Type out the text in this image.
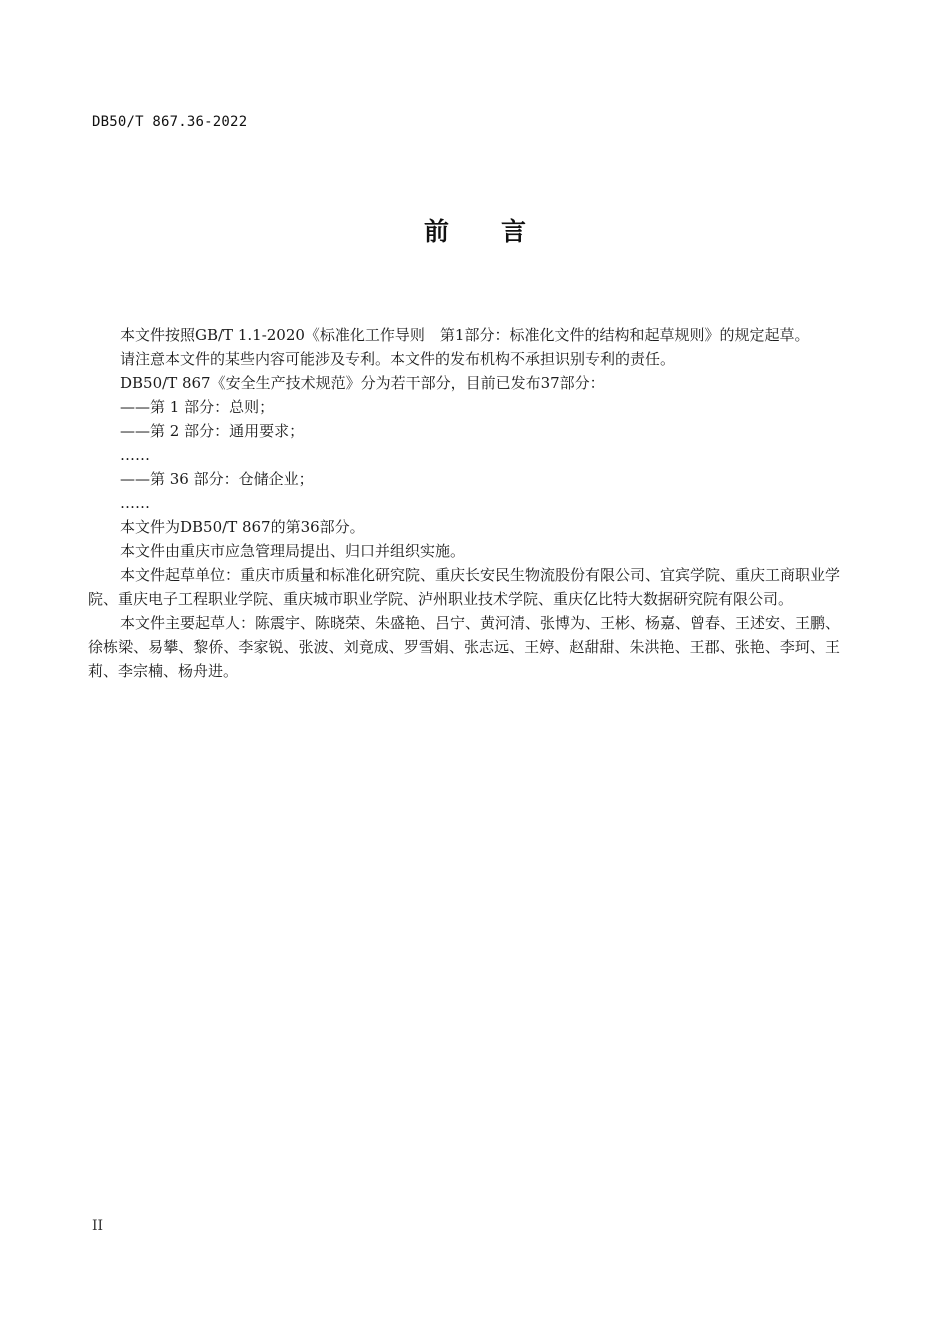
DB50/T 867.36-2022
前言

本文件按照GB/T 1.1-2020《标准化工作导则　第1部分：标准化文件的结构和起草规则》的规定起草。

请注意本文件的某些内容可能涉及专利。本文件的发布机构不承担识别专利的责任。

DB50/T 867《安全生产技术规范》分为若干部分，目前已发布37部分：

——第 1 部分：总则；

——第 2 部分：通用要求；

……

——第 36 部分：仓储企业；

……

本文件为DB50/T 867的第36部分。

本文件由重庆市应急管理局提出、归口并组织实施。

本文件起草单位：重庆市质量和标准化研究院、重庆长安民生物流股份有限公司、宜宾学院、重庆工商职业学院、重庆电子工程职业学院、重庆城市职业学院、泸州职业技术学院、重庆亿比特大数据研究院有限公司。

本文件主要起草人：陈震宇、陈晓荣、朱盛艳、吕宁、黄河清、张博为、王彬、杨嘉、曾春、王述安、王鹏、徐栋梁、易攀、黎侨、李家锐、张波、刘竟成、罗雪娟、张志远、王婷、赵甜甜、朱洪艳、王郡、张艳、李珂、王莉、李宗楠、杨舟进。

II
